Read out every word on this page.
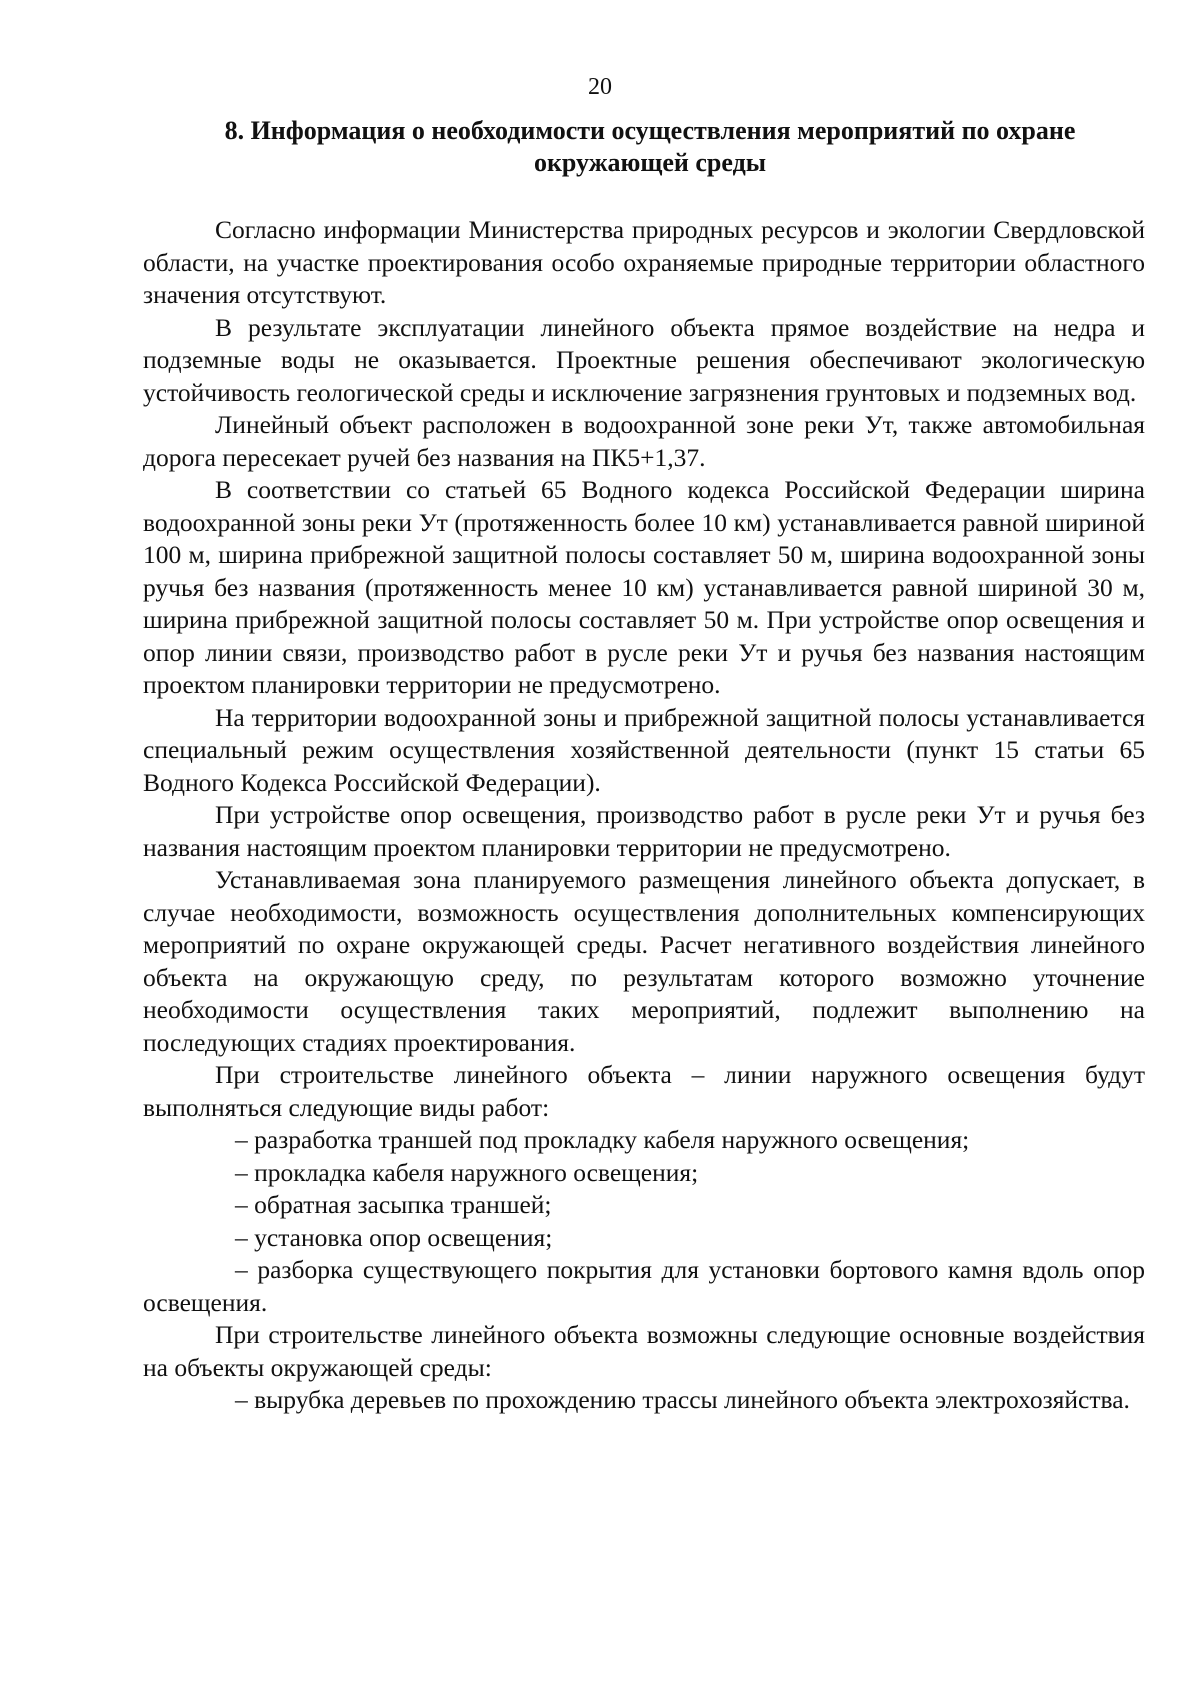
20
8. Информация о необходимости осуществления мероприятий по охране окружающей среды

Согласно информации Министерства природных ресурсов и экологии Свердловской области, на участке проектирования особо охраняемые природные территории областного значения отсутствуют.

В результате эксплуатации линейного объекта прямое воздействие на недра и подземные воды не оказывается. Проектные решения обеспечивают экологическую устойчивость геологической среды и исключение загрязнения грунтовых и подземных вод.

Линейный объект расположен в водоохранной зоне реки Ут, также автомобильная дорога пересекает ручей без названия на ПК5+1,37.

В соответствии со статьей 65 Водного кодекса Российской Федерации ширина водоохранной зоны реки Ут (протяженность более 10 км) устанавливается равной шириной 100 м, ширина прибрежной защитной полосы составляет 50 м, ширина водоохранной зоны ручья без названия (протяженность менее 10 км) устанавливается равной шириной 30 м, ширина прибрежной защитной полосы составляет 50 м. При устройстве опор освещения и опор линии связи, производство работ в русле реки Ут и ручья без названия настоящим проектом планировки территории не предусмотрено.

На территории водоохранной зоны и прибрежной защитной полосы устанавливается специальный режим осуществления хозяйственной деятельности (пункт 15 статьи 65 Водного Кодекса Российской Федерации).

При устройстве опор освещения, производство работ в русле реки Ут и ручья без названия настоящим проектом планировки территории не предусмотрено.

Устанавливаемая зона планируемого размещения линейного объекта допускает, в случае необходимости, возможность осуществления дополнительных компенсирующих мероприятий по охране окружающей среды. Расчет негативного воздействия линейного объекта на окружающую среду, по результатам которого возможно уточнение необходимости осуществления таких мероприятий, подлежит выполнению на последующих стадиях проектирования.

При строительстве линейного объекта – линии наружного освещения будут выполняться следующие виды работ:

– разработка траншей под прокладку кабеля наружного освещения;

– прокладка кабеля наружного освещения;

– обратная засыпка траншей;

– установка опор освещения;

– разборка существующего покрытия для установки бортового камня вдоль опор освещения.

При строительстве линейного объекта возможны следующие основные воздействия на объекты окружающей среды:

– вырубка деревьев по прохождению трассы линейного объекта электрохозяйства.
